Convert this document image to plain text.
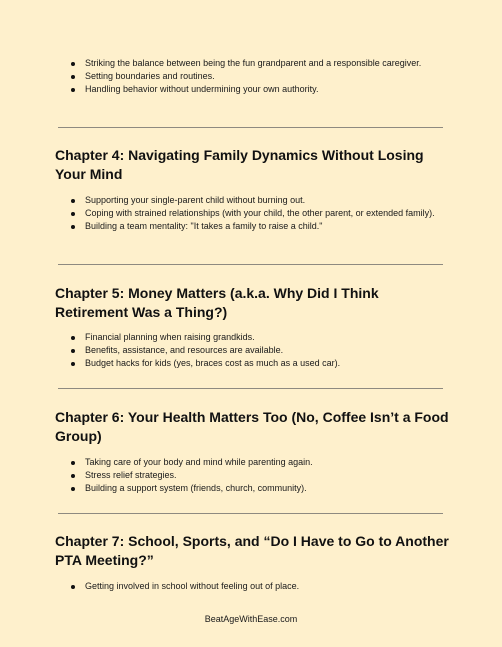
Striking the balance between being the fun grandparent and a responsible caregiver.
Setting boundaries and routines.
Handling behavior without undermining your own authority.
Chapter 4: Navigating Family Dynamics Without Losing Your Mind
Supporting your single-parent child without burning out.
Coping with strained relationships (with your child, the other parent, or extended family).
Building a team mentality: "It takes a family to raise a child."
Chapter 5: Money Matters (a.k.a. Why Did I Think Retirement Was a Thing?)
Financial planning when raising grandkids.
Benefits, assistance, and resources are available.
Budget hacks for kids (yes, braces cost as much as a used car).
Chapter 6: Your Health Matters Too (No, Coffee Isn’t a Food Group)
Taking care of your body and mind while parenting again.
Stress relief strategies.
Building a support system (friends, church, community).
Chapter 7: School, Sports, and “Do I Have to Go to Another PTA Meeting?”
Getting involved in school without feeling out of place.
BeatAgeWithEase.com
